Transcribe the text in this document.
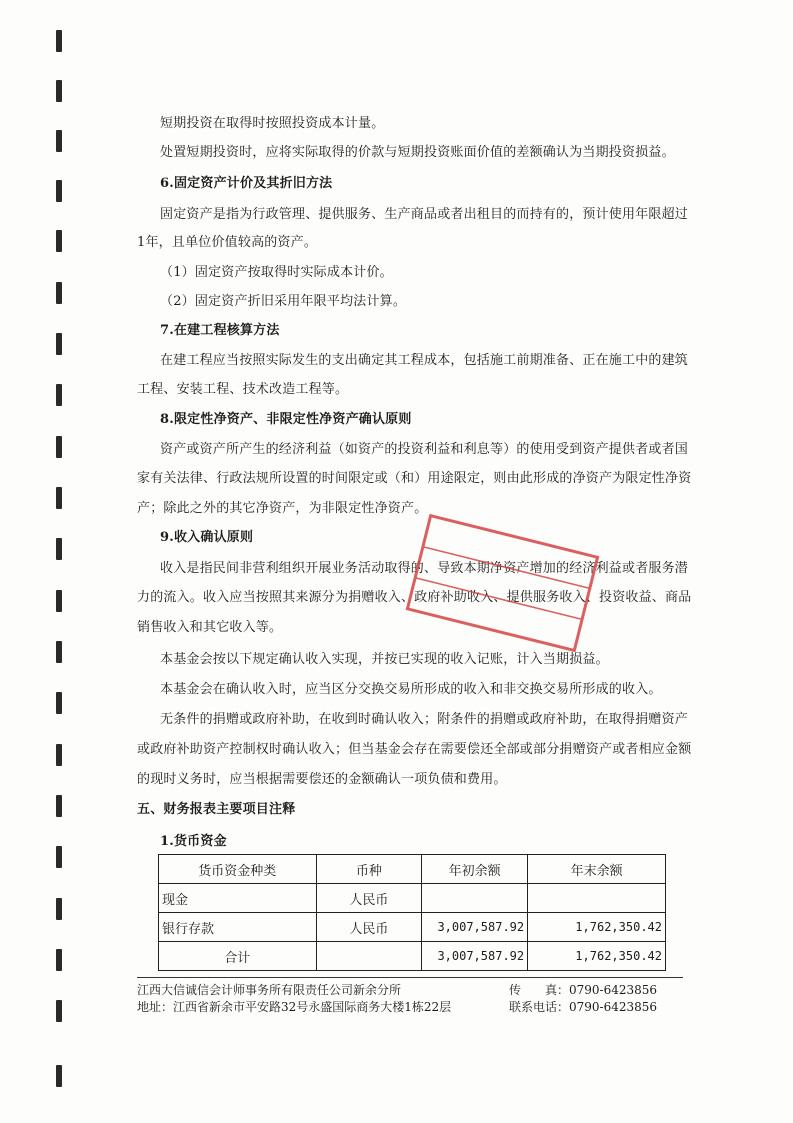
短期投资在取得时按照投资成本计量。
处置短期投资时，应将实际取得的价款与短期投资账面价值的差额确认为当期投资损益。
6.固定资产计价及其折旧方法
固定资产是指为行政管理、提供服务、生产商品或者出租目的而持有的，预计使用年限超过
1年，且单位价值较高的资产。
（1）固定资产按取得时实际成本计价。
（2）固定资产折旧采用年限平均法计算。
7.在建工程核算方法
在建工程应当按照实际发生的支出确定其工程成本，包括施工前期准备、正在施工中的建筑
工程、安装工程、技术改造工程等。
8.限定性净资产、非限定性净资产确认原则
资产或资产所产生的经济利益（如资产的投资利益和利息等）的使用受到资产提供者或者国
家有关法律、行政法规所设置的时间限定或（和）用途限定，则由此形成的净资产为限定性净资
产；除此之外的其它净资产，为非限定性净资产。
9.收入确认原则
收入是指民间非营利组织开展业务活动取得的、导致本期净资产增加的经济利益或者服务潜
力的流入。收入应当按照其来源分为捐赠收入、政府补助收入、提供服务收入、投资收益、商品
销售收入和其它收入等。
本基金会按以下规定确认收入实现，并按已实现的收入记账，计入当期损益。
本基金会在确认收入时，应当区分交换交易所形成的收入和非交换交易所形成的收入。
无条件的捐赠或政府补助，在收到时确认收入；附条件的捐赠或政府补助，在取得捐赠资产
或政府补助资产控制权时确认收入；但当基金会存在需要偿还全部或部分捐赠资产或者相应金额
的现时义务时，应当根据需要偿还的金额确认一项负债和费用。
五、财务报表主要项目注释
1.货币资金
货币资金种类	币种	年初余额	年末余额
现金	人民币		
银行存款	人民币	3,007,587.92	1,762,350.42
合计		3,007,587.92	1,762,350.42
江西大信诚信会计师事务所有限责任公司新余分所	传　　真：0790-6423856
地址：江西省新余市平安路32号永盛国际商务大楼1栋22层	联系电话：0790-6423856
